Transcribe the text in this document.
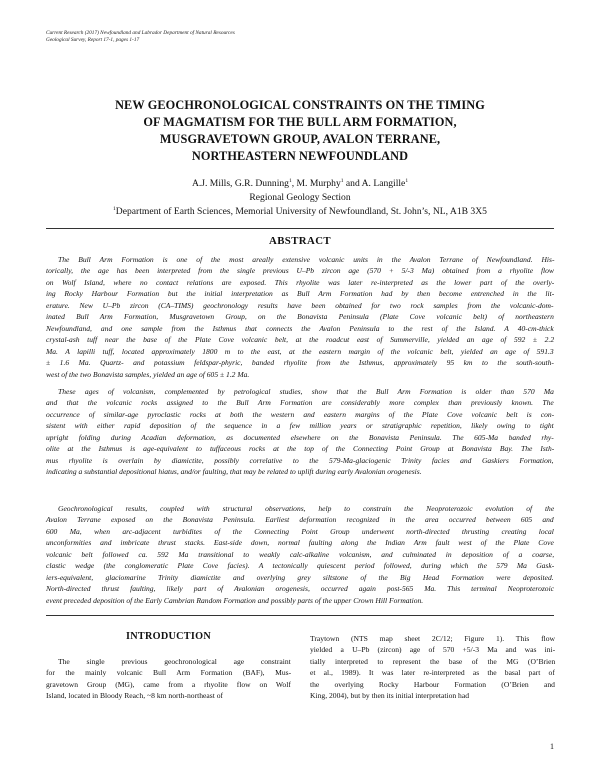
Current Research (2017) Newfoundland and Labrador Department of Natural Resources
Geological Survey, Report 17-1, pages 1-17
NEW GEOCHRONOLOGICAL CONSTRAINTS ON THE TIMING
OF MAGMATISM FOR THE BULL ARM FORMATION,
MUSGRAVETOWN GROUP, AVALON TERRANE,
NORTHEASTERN NEWFOUNDLAND
A.J. Mills, G.R. Dunning$^1$, M. Murphy$^1$ and A. Langille$^1$
Regional Geology Section
$^1$Department of Earth Sciences, Memorial University of Newfoundland, St. John’s, NL, A1B 3X5
ABSTRACT
The Bull Arm Formation is one of the most areally extensive volcanic units in the Avalon Terrane of Newfoundland. His-
torically, the age has been interpreted from the single previous U–Pb zircon age (570 + 5/-3 Ma) obtained from a rhyolite flow
on Wolf Island, where no contact relations are exposed. This rhyolite was later re-interpreted as the lower part of the overly-
ing Rocky Harbour Formation but the initial interpretation as Bull Arm Formation had by then become entrenched in the lit-
erature. New U–Pb zircon (CA–TIMS) geochronology results have been obtained for two rock samples from the volcanic-dom-
inated Bull Arm Formation, Musgravetown Group, on the Bonavista Peninsula (Plate Cove volcanic belt) of northeastern
Newfoundland, and one sample from the Isthmus that connects the Avalon Peninsula to the rest of the Island. A 40-cm-thick
crystal-ash tuff near the base of the Plate Cove volcanic belt, at the roadcut east of Summerville, yielded an age of 592 ± 2.2
Ma. A lapilli tuff, located approximately 1800 m to the east, at the eastern margin of the volcanic belt, yielded an age of 591.3
± 1.6 Ma. Quartz- and potassium feldspar-phyric, banded rhyolite from the Isthmus, approximately 95 km to the south-south-
west of the two Bonavista samples, yielded an age of 605 ± 1.2 Ma.
These ages of volcanism, complemented by petrological studies, show that the Bull Arm Formation is older than 570 Ma
and that the volcanic rocks assigned to the Bull Arm Formation are considerably more complex than previously known. The
occurrence of similar-age pyroclastic rocks at both the western and eastern margins of the Plate Cove volcanic belt is con-
sistent with either rapid deposition of the sequence in a few million years or stratigraphic repetition, likely owing to tight
upright folding during Acadian deformation, as documented elsewhere on the Bonavista Peninsula. The 605-Ma banded rhy-
olite at the Isthmus is age-equivalent to tuffaceous rocks at the top of the Connecting Point Group at Bonavista Bay. The Isth-
mus rhyolite is overlain by diamictite, possibly correlative to the 579-Ma-glaciogenic Trinity facies and Gaskiers Formation,
indicating a substantial depositional hiatus, and/or faulting, that may be related to uplift during early Avalonian orogenesis.
Geochronological results, coupled with structural observations, help to constrain the Neoproterozoic evolution of the
Avalon Terrane exposed on the Bonavista Peninsula. Earliest deformation recognized in the area occurred between 605 and
600 Ma, when arc-adjacent turbidites of the Connecting Point Group underwent north-directed thrusting creating local
unconformities and imbricate thrust stacks. East-side down, normal faulting along the Indian Arm fault west of the Plate Cove
volcanic belt followed ca. 592 Ma transitional to weakly calc-alkaline volcanism, and culminated in deposition of a coarse,
clastic wedge (the conglomeratic Plate Cove facies). A tectonically quiescent period followed, during which the 579 Ma Gask-
iers-equivalent, glaciomarine Trinity diamictite and overlying grey siltstone of the Big Head Formation were deposited.
North-directed thrust faulting, likely part of Avalonian orogenesis, occurred again post-565 Ma. This terminal Neoproterozoic
event preceded deposition of the Early Cambrian Random Formation and possibly parts of the upper Crown Hill Formation.
INTRODUCTION
The single previous geochronological age constraint
for the mainly volcanic Bull Arm Formation (BAF), Mus-
gravetown Group (MG), came from a rhyolite flow on Wolf
Island, located in Bloody Reach, ~8 km north-northeast of
Traytown (NTS map sheet 2C/12; Figure 1). This flow
yielded a U–Pb (zircon) age of 570 +5/-3 Ma and was ini-
tially interpreted to represent the base of the MG (O’Brien
et al., 1989). It was later re-interpreted as the basal part of
the overlying Rocky Harbour Formation (O’Brien and
King, 2004), but by then its initial interpretation had
1
